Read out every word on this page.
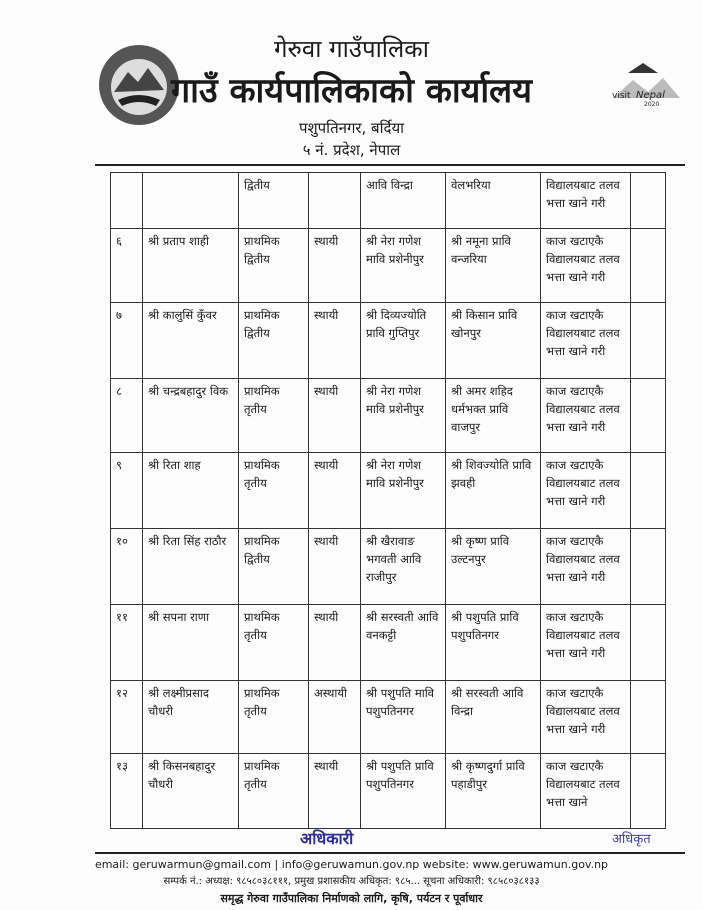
गेरुवा गाउँपालिका
गाउँ कार्यपालिकाको कार्यालय
पशुपतिनगर, बर्दिया
५ नं. प्रदेश, नेपाल
visit Nepal
2020
		द्वितीय		आवि विन्द्रा	वेलभरिया	विद्यालयबाट तलव भत्ता खाने गरी	
६	श्री प्रताप शाही	प्राथमिक द्वितीय	स्थायी	श्री नेरा गणेश मावि प्रशेनीपुर	श्री नमूना प्रावि वन्जरिया	काज खटाएकै विद्यालयबाट तलव भत्ता खाने गरी	
७	श्री कालुसिं कुँवर	प्राथमिक द्वितीय	स्थायी	श्री दिव्यज्योति प्रावि गुप्तिपुर	श्री किसान प्रावि खोनपुर	काज खटाएकै विद्यालयबाट तलव भत्ता खाने गरी	
८	श्री चन्द्रबहादुर विक	प्राथमिक तृतीय	स्थायी	श्री नेरा गणेश मावि प्रशेनीपुर	श्री अमर शहिद धर्मभक्त प्रावि वाजपुर	काज खटाएकै विद्यालयबाट तलव भत्ता खाने गरी	
९	श्री रिता शाह	प्राथमिक तृतीय	स्थायी	श्री नेरा गणेश मावि प्रशेनीपुर	श्री शिवज्योति प्रावि झवही	काज खटाएकै विद्यालयबाट तलव भत्ता खाने गरी	
१०	श्री रिता सिंह राठौर	प्राथमिक द्वितीय	स्थायी	श्री खैरावाङ भगवती आवि राजीपुर	श्री कृष्ण प्रावि उल्टनपुर	काज खटाएकै विद्यालयबाट तलव भत्ता खाने गरी	
११	श्री सपना राणा	प्राथमिक तृतीय	स्थायी	श्री सरस्वती आवि वनकट्टी	श्री पशुपति प्रावि पशुपतिनगर	काज खटाएकै विद्यालयबाट तलव भत्ता खाने गरी	
१२	श्री लक्ष्मीप्रसाद चौधरी	प्राथमिक तृतीय	अस्थायी	श्री पशुपति मावि पशुपतिनगर	श्री सरस्वती आवि विन्द्रा	काज खटाएकै विद्यालयबाट तलव भत्ता खाने गरी	
१३	श्री किसनबहादुर चौधरी	प्राथमिक तृतीय	स्थायी	श्री पशुपति प्रावि पशुपतिनगर	श्री कृष्णदुर्गा प्रावि पहाडीपुर	काज खटाएकै विद्यालयबाट तलव भत्ता खाने	
अधिकारी	अधिकृत
email: geruwarmun@gmail.com | info@geruwamun.gov.np website: www.geruwamun.gov.np
सम्पर्क नं.: अध्यक्ष: ९८५८०३८१११, प्रमुख प्रशासकीय अधिकृत: ९८५... सूचना अधिकारी: ९८५८०३८१३३
समृद्ध गेरुवा गाउँपालिका निर्माणको लागि, कृषि, पर्यटन र पूर्वाधार
